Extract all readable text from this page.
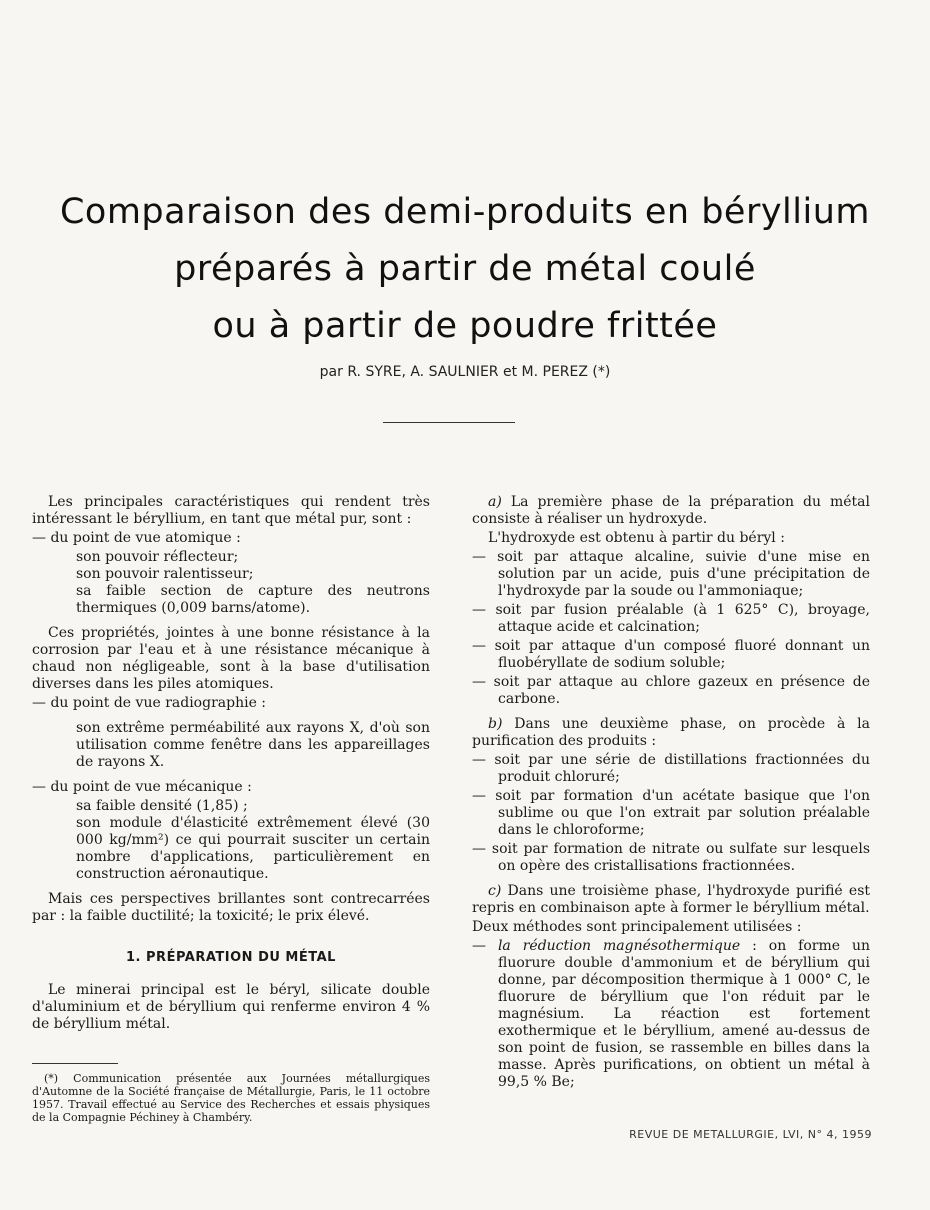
Comparaison des demi-produits en béryllium
préparés à partir de métal coulé
ou à partir de poudre frittée
par R. SYRE, A. SAULNIER et M. PEREZ (*)

Les principales caractéristiques qui rendent très intéressant le béryllium, en tant que métal pur, sont :

— du point de vue atomique :

son pouvoir réflecteur;

son pouvoir ralentisseur;

sa faible section de capture des neutrons thermiques (0,009 barns/atome).

Ces propriétés, jointes à une bonne résistance à la corrosion par l'eau et à une résistance mécanique à chaud non négligeable, sont à la base d'utilisation diverses dans les piles atomiques.

— du point de vue radiographie :

son extrême perméabilité aux rayons X, d'où son utilisation comme fenêtre dans les appareillages de rayons X.

— du point de vue mécanique :

sa faible densité (1,85) ;

son module d'élasticité extrêmement élevé (30 000 kg/mm²) ce qui pourrait susciter un certain nombre d'applications, particulièrement en construction aéronautique.

Mais ces perspectives brillantes sont contrecarrées par : la faible ductilité; la toxicité; le prix élevé.

1. PRÉPARATION DU MÉTAL

Le minerai principal est le béryl, silicate double d'aluminium et de béryllium qui renferme environ 4 % de béryllium métal.

(*) Communication présentée aux Journées métallurgiques d'Automne de la Société française de Métallurgie, Paris, le 11 octobre 1957. Travail effectué au Service des Recherches et essais physiques de la Compagnie Péchiney à Chambéry.

a) La première phase de la préparation du métal consiste à réaliser un hydroxyde.

L'hydroxyde est obtenu à partir du béryl :

— soit par attaque alcaline, suivie d'une mise en solution par un acide, puis d'une précipitation de l'hydroxyde par la soude ou l'ammoniaque;

— soit par fusion préalable (à 1 625° C), broyage, attaque acide et calcination;

— soit par attaque d'un composé fluoré donnant un fluobéryllate de sodium soluble;

— soit par attaque au chlore gazeux en présence de carbone.

b) Dans une deuxième phase, on procède à la purification des produits :

— soit par une série de distillations fractionnées du produit chloruré;

— soit par formation d'un acétate basique que l'on sublime ou que l'on extrait par solution préalable dans le chloroforme;

— soit par formation de nitrate ou sulfate sur lesquels on opère des cristallisations fractionnées.

c) Dans une troisième phase, l'hydroxyde purifié est repris en combinaison apte à former le béryllium métal.

Deux méthodes sont principalement utilisées :

— la réduction magnésothermique : on forme un fluorure double d'ammonium et de béryllium qui donne, par décomposition thermique à 1 000° C, le fluorure de béryllium que l'on réduit par le magnésium. La réaction est fortement exothermique et le béryllium, amené au-dessus de son point de fusion, se rassemble en billes dans la masse. Après purifications, on obtient un métal à 99,5 % Be;

REVUE DE METALLURGIE, LVI, N° 4, 1959
